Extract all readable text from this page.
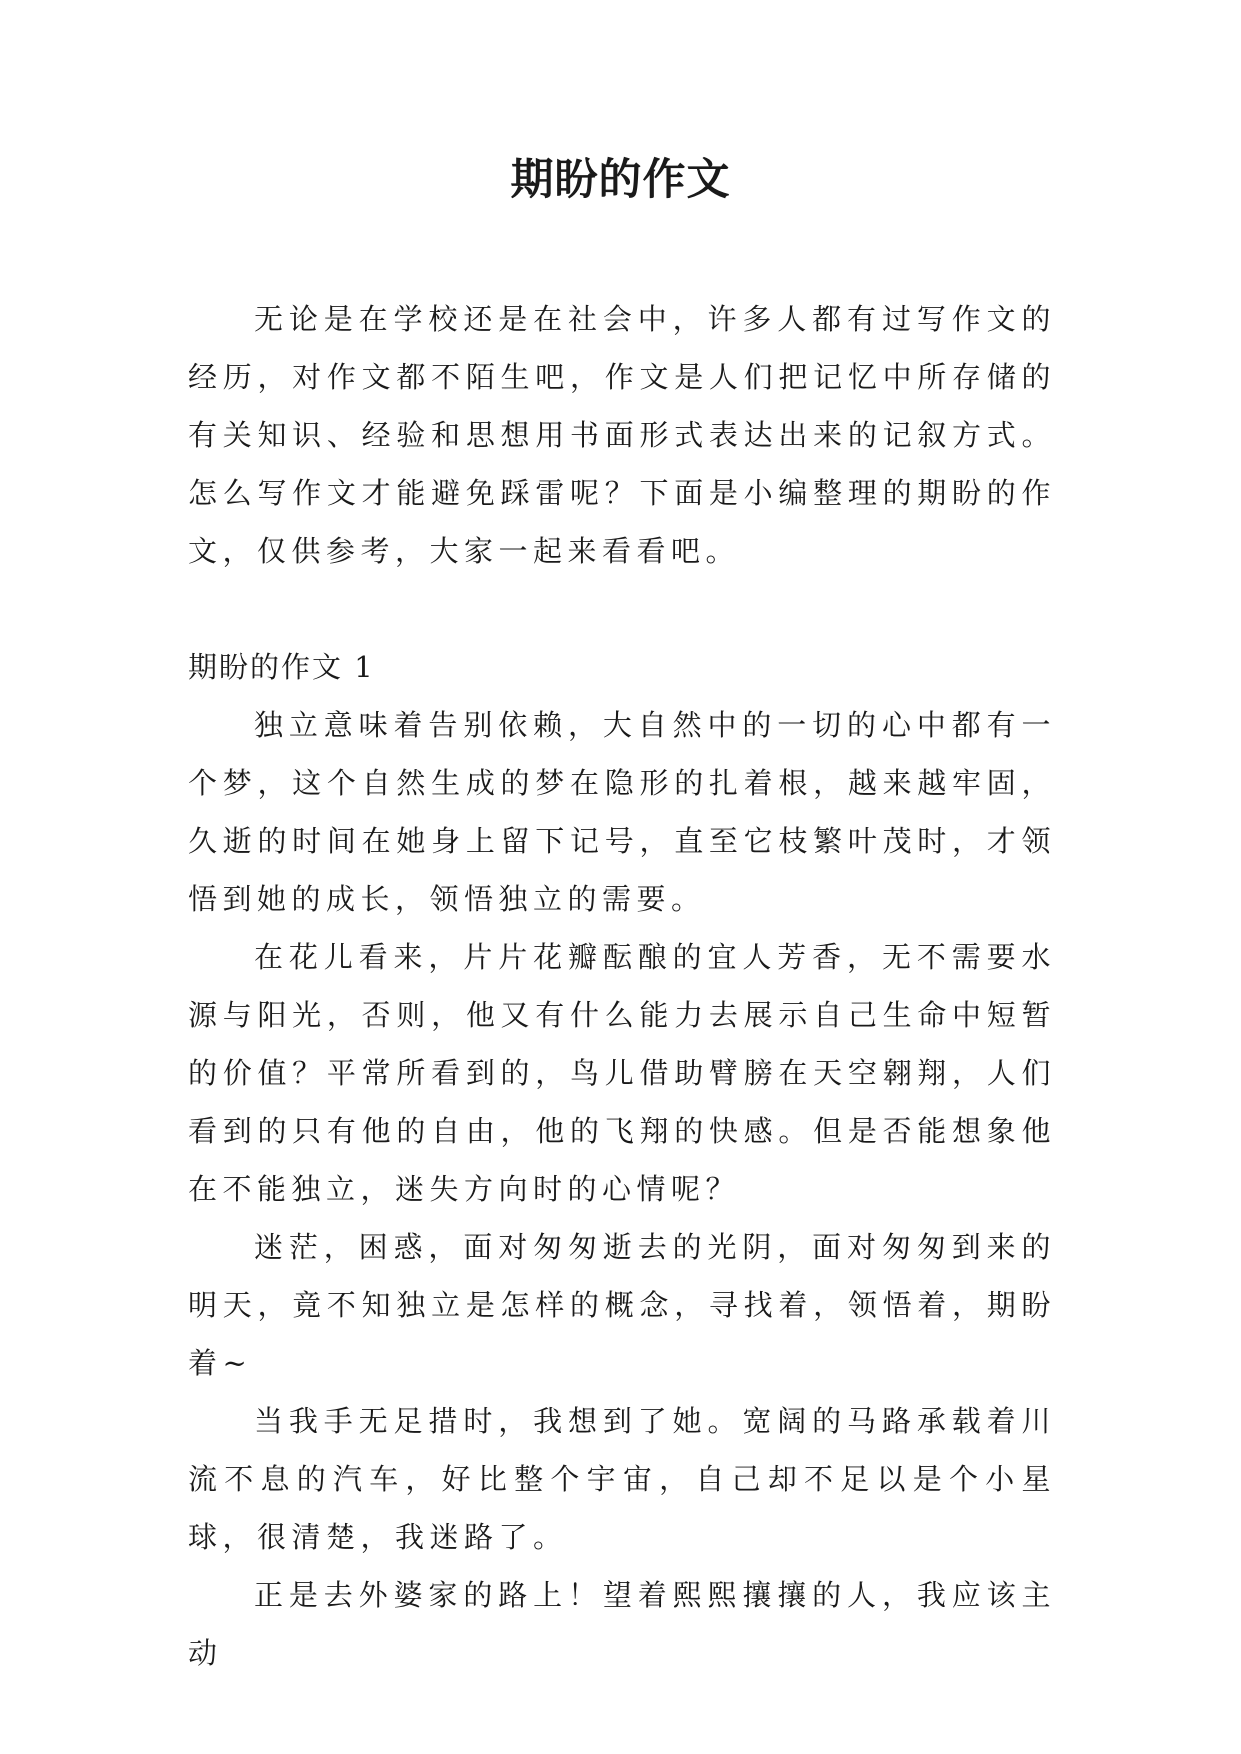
期盼的作文

无论是在学校还是在社会中，许多人都有过写作文的经历，对作文都不陌生吧，作文是人们把记忆中所存储的有关知识、经验和思想用书面形式表达出来的记叙方式。怎么写作文才能避免踩雷呢？下面是小编整理的期盼的作文，仅供参考，大家一起来看看吧。

期盼的作文 1

独立意味着告别依赖，大自然中的一切的心中都有一个梦，这个自然生成的梦在隐形的扎着根，越来越牢固，久逝的时间在她身上留下记号，直至它枝繁叶茂时，才领悟到她的成长，领悟独立的需要。

在花儿看来，片片花瓣酝酿的宜人芳香，无不需要水源与阳光，否则，他又有什么能力去展示自己生命中短暂的价值？平常所看到的，鸟儿借助臂膀在天空翱翔，人们看到的只有他的自由，他的飞翔的快感。但是否能想象他在不能独立，迷失方向时的心情呢？

迷茫，困惑，面对匆匆逝去的光阴，面对匆匆到来的明天，竟不知独立是怎样的概念，寻找着，领悟着，期盼着~

当我手无足措时，我想到了她。宽阔的马路承载着川流不息的汽车，好比整个宇宙，自己却不足以是个小星球，很清楚，我迷路了。

正是去外婆家的路上！望着熙熙攘攘的人，我应该主动
